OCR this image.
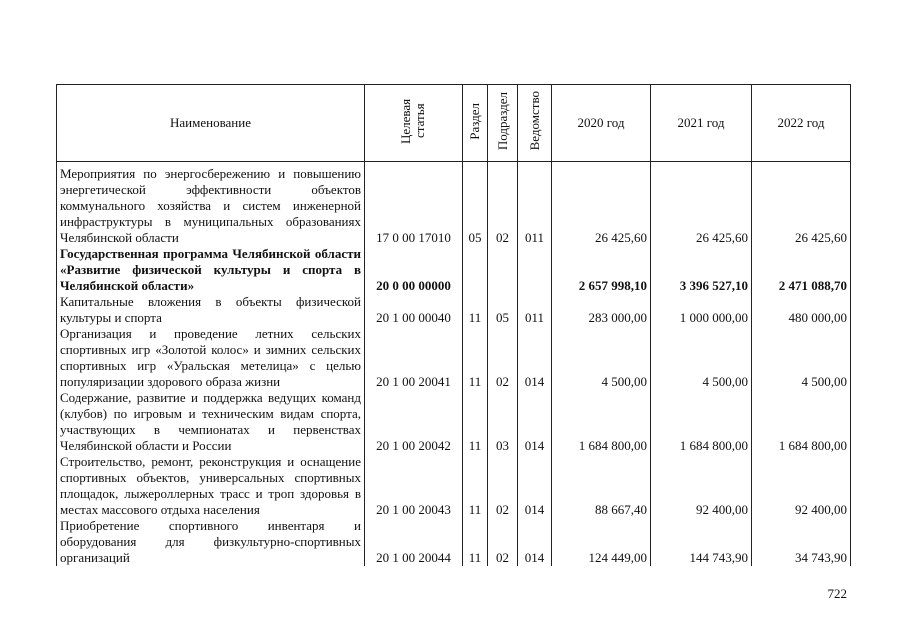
Наименование	Целевая статья	Раздел	Подраздел	Ведомство	2020 год	2021 год	2022 год
Мероприятия по энергосбережению и повышению энергетической эффективности объектов коммунального хозяйства и систем инженерной инфраструктуры в муниципальных образованиях Челябинской области	17 0 00 17010	05	02	011	26 425,60	26 425,60	26 425,60
Государственная программа Челябинской области «Развитие физической культуры и спорта в Челябинской области»	20 0 00 00000				2 657 998,10	3 396 527,10	2 471 088,70
Капитальные вложения в объекты физической культуры и спорта	20 1 00 00040	11	05	011	283 000,00	1 000 000,00	480 000,00
Организация и проведение летних сельских спортивных игр «Золотой колос» и зимних сельских спортивных игр «Уральская метелица» с целью популяризации здорового образа жизни	20 1 00 20041	11	02	014	4 500,00	4 500,00	4 500,00
Содержание, развитие и поддержка ведущих команд (клубов) по игровым и техническим видам спорта, участвующих в чемпионатах и первенствах Челябинской области и России	20 1 00 20042	11	03	014	1 684 800,00	1 684 800,00	1 684 800,00
Строительство, ремонт, реконструкция и оснащение спортивных объектов, универсальных спортивных площадок, лыжероллерных трасс и троп здоровья в местах массового отдыха населения	20 1 00 20043	11	02	014	88 667,40	92 400,00	92 400,00
Приобретение спортивного инвентаря и оборудования для физкультурно-спортивных организаций	20 1 00 20044	11	02	014	124 449,00	144 743,90	34 743,90
722
